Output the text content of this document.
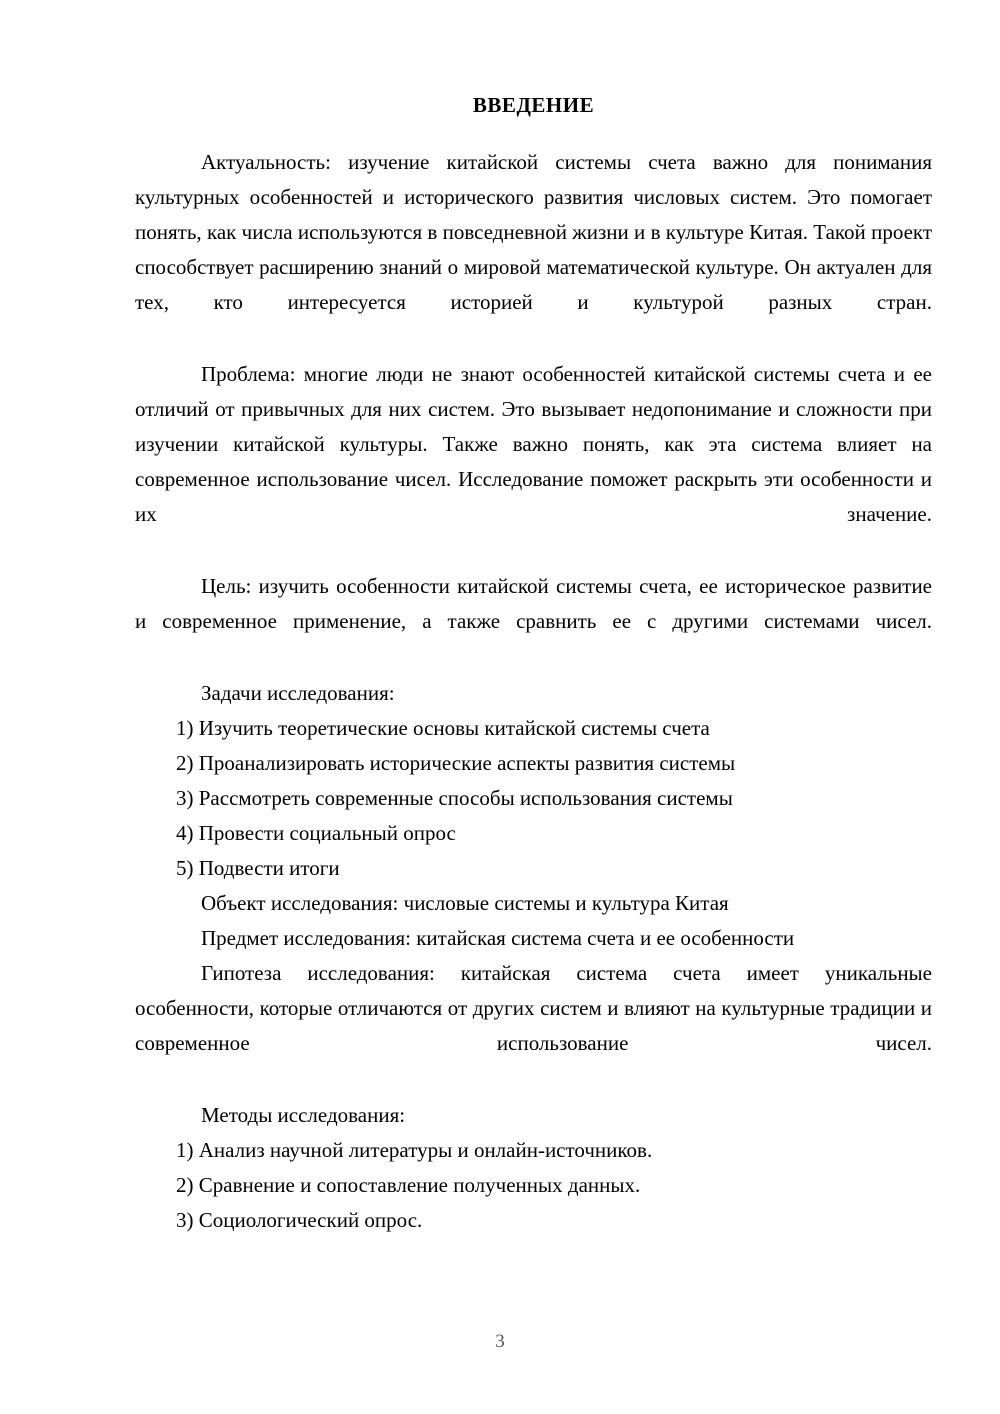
ВВЕДЕНИЕ

Актуальность: изучение китайской системы счета важно для понимания культурных особенностей и исторического развития числовых систем. Это помогает понять, как числа используются в повседневной жизни и в культуре Китая. Такой проект способствует расширению знаний о мировой математической культуре. Он актуален для тех, кто интересуется историей и культурой разных стран.

Проблема: многие люди не знают особенностей китайской системы счета и ее отличий от привычных для них систем. Это вызывает недопонимание и сложности при изучении китайской культуры. Также важно понять, как эта система влияет на современное использование чисел. Исследование поможет раскрыть эти особенности и их значение.

Цель: изучить особенности китайской системы счета, ее историческое развитие и современное применение, а также сравнить ее с другими системами чисел.

Задачи исследования:

1) Изучить теоретические основы китайской системы счета
2) Проанализировать исторические аспекты развития системы
3) Рассмотреть современные способы использования системы
4) Провести социальный опрос
5) Подвести итоги

Объект исследования: числовые системы и культура Китая

Предмет исследования: китайская система счета и ее особенности

Гипотеза исследования: китайская система счета имеет уникальные особенности, которые отличаются от других систем и влияют на культурные традиции и современное использование чисел.

Методы исследования:

1) Анализ научной литературы и онлайн-источников.
2) Сравнение и сопоставление полученных данных.
3) Социологический опрос.
3
